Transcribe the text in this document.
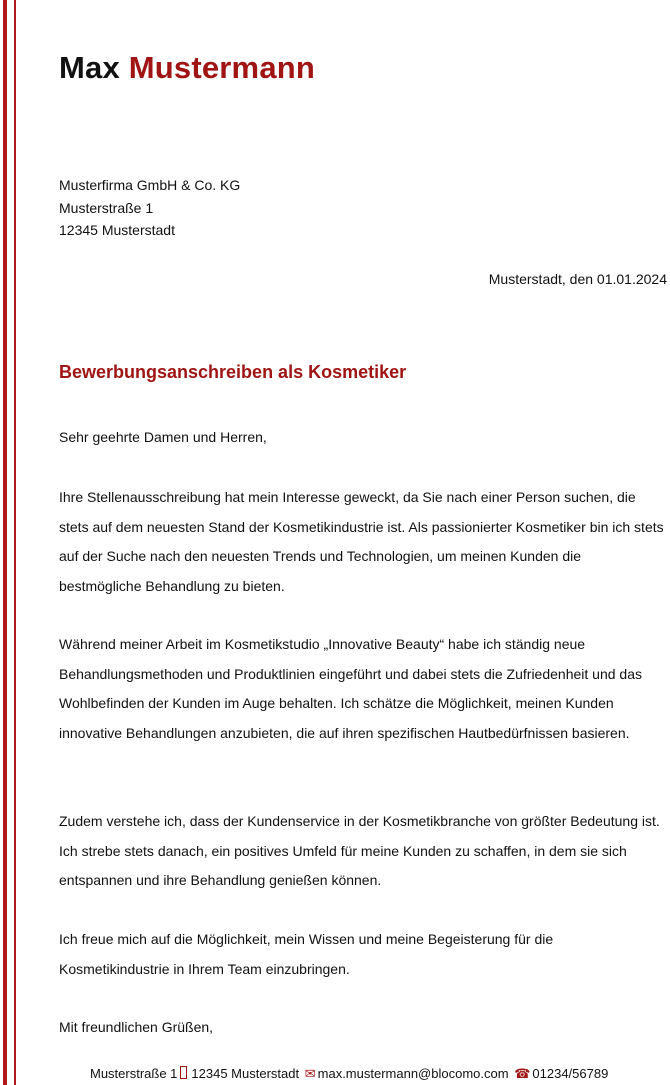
Max Mustermann
Musterfirma GmbH & Co. KG
Musterstraße 1
12345 Musterstadt
Musterstadt, den 01.01.2024
Bewerbungsanschreiben als Kosmetiker
Sehr geehrte Damen und Herren,

Ihre Stellenausschreibung hat mein Interesse geweckt, da Sie nach einer Person suchen, die stets auf dem neuesten Stand der Kosmetikindustrie ist. Als passionierter Kosmetiker bin ich stets auf der Suche nach den neuesten Trends und Technologien, um meinen Kunden die bestmögliche Behandlung zu bieten.

Während meiner Arbeit im Kosmetikstudio „Innovative Beauty“ habe ich ständig neue Behandlungsmethoden und Produktlinien eingeführt und dabei stets die Zufriedenheit und das Wohlbefinden der Kunden im Auge behalten. Ich schätze die Möglichkeit, meinen Kunden innovative Behandlungen anzubieten, die auf ihren spezifischen Hautbedürfnissen basieren.

Zudem verstehe ich, dass der Kundenservice in der Kosmetikbranche von größter Bedeutung ist. Ich strebe stets danach, ein positives Umfeld für meine Kunden zu schaffen, in dem sie sich entspannen und ihre Behandlung genießen können.

Ich freue mich auf die Möglichkeit, mein Wissen und meine Begeisterung für die Kosmetikindustrie in Ihrem Team einzubringen.

Mit freundlichen Grüßen,
Musterstraße 1 12345 Musterstadt ✉ max.mustermann@blocomo.com ☎ 01234/56789
